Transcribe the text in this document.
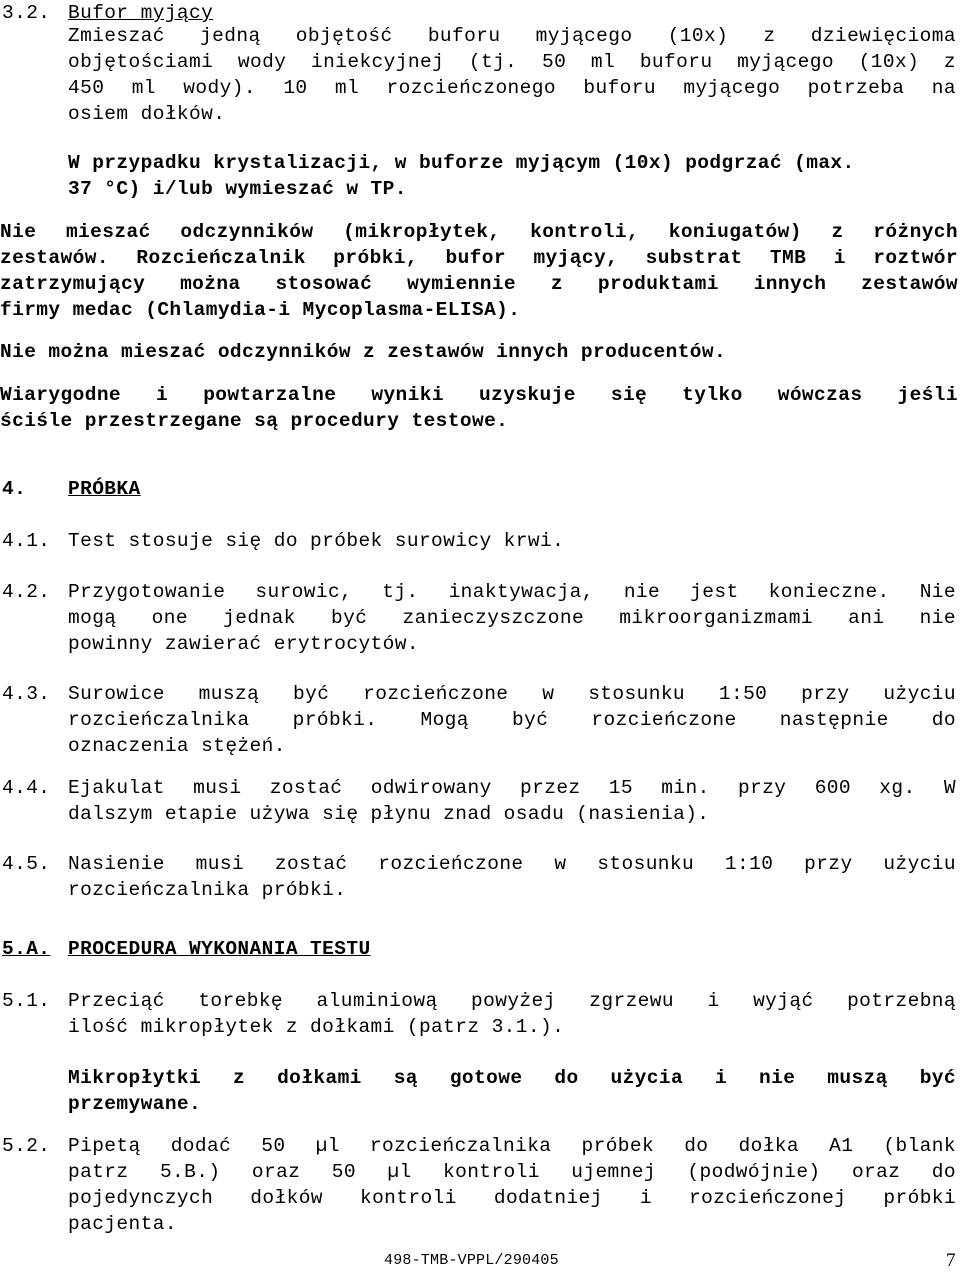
3.2. Bufor myjący
Zmieszać jedną objętość buforu myjącego (10x) z dziewięcioma
objętościami wody iniekcyjnej (tj. 50 ml buforu myjącego (10x) z
450 ml wody). 10 ml rozcieńczonego buforu myjącego potrzeba na
osiem dołków.
W przypadku krystalizacji, w buforze myjącym (10x) podgrzać (max.
37 °C) i/lub wymieszać w TP.
Nie mieszać odczynników (mikropłytek, kontroli, koniugatów) z różnych
zestawów. Rozcieńczalnik próbki, bufor myjący, substrat TMB i roztwór
zatrzymujący można stosować wymiennie z produktami innych zestawów
firmy medac (Chlamydia-i Mycoplasma-ELISA).
Nie można mieszać odczynników z zestawów innych producentów.
Wiarygodne i powtarzalne wyniki uzyskuje się tylko wówczas jeśli
ściśle przestrzegane są procedury testowe.
4. PRÓBKA
4.1. Test stosuje się do próbek surowicy krwi.
4.2. Przygotowanie surowic, tj. inaktywacja, nie jest konieczne. Nie
mogą one jednak być zanieczyszczone mikroorganizmami ani nie
powinny zawierać erytrocytów.
4.3. Surowice muszą być rozcieńczone w stosunku 1:50 przy użyciu
rozcieńczalnika próbki. Mogą być rozcieńczone następnie do
oznaczenia stężeń.
4.4. Ejakulat musi zostać odwirowany przez 15 min. przy 600 xg. W
dalszym etapie używa się płynu znad osadu (nasienia).
4.5. Nasienie musi zostać rozcieńczone w stosunku 1:10 przy użyciu
rozcieńczalnika próbki.
5.A. PROCEDURA WYKONANIA TESTU
5.1. Przeciąć torebkę aluminiową powyżej zgrzewu i wyjąć potrzebną
ilość mikropłytek z dołkami (patrz 3.1.).
Mikropłytki z dołkami są gotowe do użycia i nie muszą być
przemywane.
5.2. Pipetą dodać 50 µl rozcieńczalnika próbek do dołka A1 (blank
patrz 5.B.) oraz 50 µl kontroli ujemnej (podwójnie) oraz do
pojedynczych dołków kontroli dodatniej i rozcieńczonej próbki
pacjenta.
498-TMB-VPPL/290405	7
